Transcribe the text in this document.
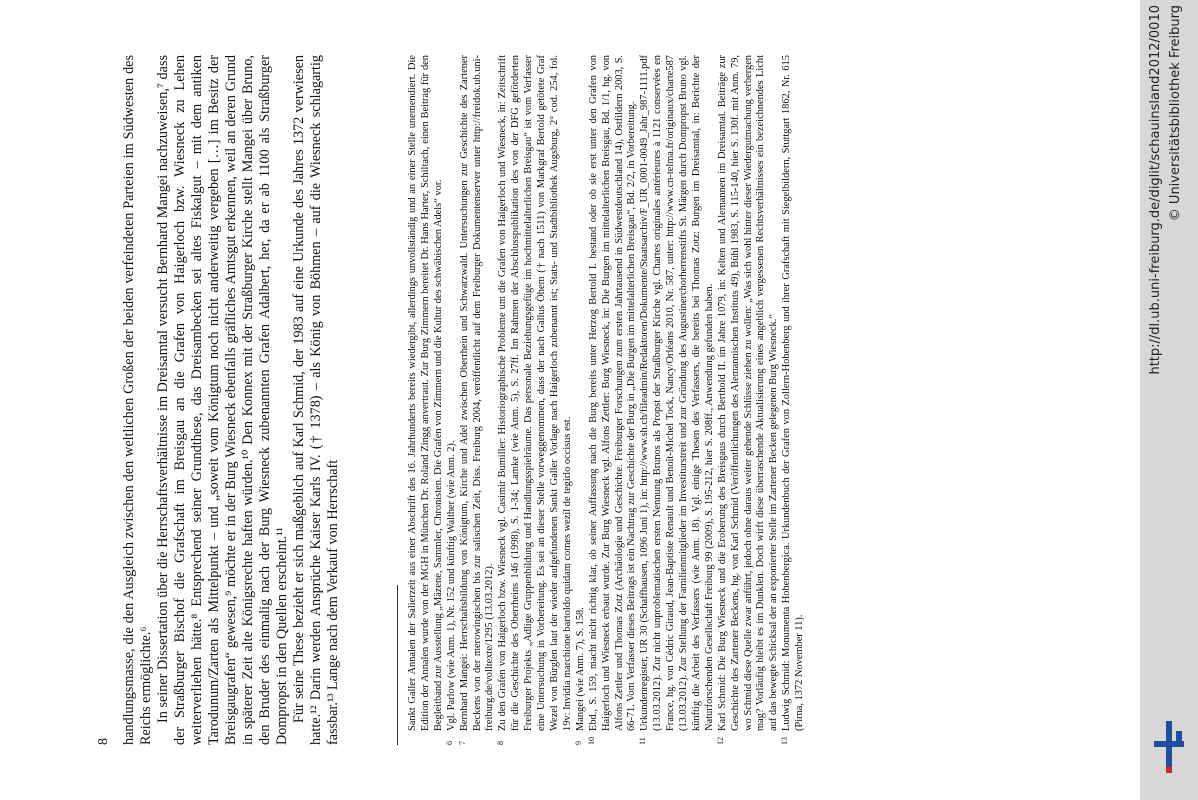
8 handlungsmasse, die den Ausgleich zwischen den weltlichen Großen der beiden verfeindeten Parteien im Südwesten des Reichs ermöglichte.⁶ In seiner Dissertation über die Herrschaftsverhältnisse im Dreisamtal versucht Bernhard Mangei nachzuweisen,⁷ dass der Straßburger Bischof die Grafschaft im Breisgau an die Grafen von Haigerloch bzw. Wiesneck zu Lehen weiterverliehen hätte.⁸ Entsprechend seiner Grundthese, das Dreisambecken sei altes Fiskalgut – mit dem antiken Tarodunum/Zarten als Mittelpunkt – und „soweit vom Königtum noch nicht anderweitig vergeben […] im Besitz der Breisgaugrafen“ gewesen,⁹ möchte er in der Burg Wiesneck ebenfalls gräfliches Amtsgut erkennen, weil an deren Grund in späterer Zeit alte Königsrechte haften würden.¹⁰ Den Konnex mit der Straßburger Kirche stellt Mangei über Bruno, den Bruder des einmalig nach der Burg Wiesneck zubenannten Grafen Adalbert, her, da er ab 1100 als Straßburger Dompropst in den Quellen erscheint.¹¹ Für seine These bezieht er sich maßgeblich auf Karl Schmid, der 1983 auf eine Urkunde des Jahres 1372 verwiesen hatte.¹² Darin werden Ansprüche Kaiser Karls IV. († 1378) – als König von Böhmen – auf die Wiesneck schlagartig fassbar.¹³ Lange nach dem Verkauf von Herrschaft	Sankt Galler Annalen der Salierzeit aus einer Abschrift des 16. Jahrhunderts bereits wiedergibt, allerdings unvollständig und an einer Stelle unemendiert. Die Edition der Annalen wurde von der MGH in München Dr. Roland Zingg anvertraut. Zur Burg Zimmern bereitet Dr. Hans Harter, Schiltach, einen Beitrag für den Begleitband zur Ausstellung „Mäzene, Sammler, Chronisten. Die Grafen von Zimmern und die Kultur des schwäbischen Adels“ vor.

6
Vgl. Parlow (wie Anm. 1), Nr. 152 und künftig Walther (wie Anm. 2).

7
Bernhard Mangei: Herrschaftsbildung von Königtum, Kirche und Adel zwischen Oberrhein und Schwarzwald. Untersuchungen zur Geschichte des Zartener Beckens von der merowingischen bis zur salischen Zeit, Diss. Freiburg 2004, veröffentlicht auf dem Freiburger Dokumentenserver unter http://freidok.ub.uni-freiburg.de/volltexte/1295 (13.03.2012).

8
Zu den Grafen von Haigerloch bzw. Wiesneck vgl. Casimir Bumiller: Historiographische Probleme um die Grafen von Haigerloch und Wiesneck, in: Zeitschrift für die Geschichte des Oberrheins 146 (1998), S. 1-34; Lamke (wie Anm. 5), S. 27ff. Im Rahmen der Abschlusspublikation des von der DFG geförderten Freiburger Projekts „Adlige Gruppenbildung und Handlungsspielräume. Das personale Beziehungsgefüge im hochmittelalterlichen Breisgau“ ist vom Verfasser eine Untersuchung in Vorbereitung. Es sei an dieser Stelle vorweggenommen, dass der nach Gallus Öhem († nach 1511) von Markgraf Bertold getötete Graf Wezel von Bürglen laut der wieder aufgefundenen Sankt Galler Vorlage nach Haigerloch zubenannt ist; Stats- und Stadtbibliothek Augsburg, 2° cod. 254, fol. 19v: Invidia marchione bartoldo quidam comes wezil de tegirlo occisus est.

9
Mangei (wie Anm. 7), S. 158.

10
Ebd., S. 159, macht nicht richtig klar, ob seiner Auffassung nach die Burg bereits unter Herzog Bertold I. bestand oder ob sie erst unter den Grafen von Haigerloch und Wiesneck erbaut wurde. Zur Burg Wiesneck vgl. Alfons Zettler: Burg Wiesneck, in: Die Burgen im mittelalterlichen Breisgau, Bd. 1/1, hg. von Alfons Zettler und Thomas Zotz (Archäologie und Geschichte. Freiburger Forschungen zum ersten Jahrtausend in Südwestdeutschland 14), Ostfildern 2003, S. 66-71. Vom Verfasser dieses Beitrags ist ein Nachtrag zur Geschichte der Burg in „Die Burgen im mittelalterlichen Breisgau“, Bd. 2/2, in Vorbereitung.

11
Urkundenregister, UR 30 (Schaffhausen, 1096 Juni 1), in: http://www.sh.ch/fileadmin/Redaktoren/Dokumente/Staatsarchiv/F_UR_0001-0049_Jahr_987-1111.pdf (13.03.2012). Zur nicht unproblematischen ersten Nennung Brunos als Propst der Straßburger Kirche vgl. Chartes originales antérieures à 1121 conservées en France, hg. von Cédric Giraud, Jean-Baptiste Renault und Benoît-Michel Tock, Nancy/Orléans 2010, Nr. 587, unter: http://www.cn-telma.fr/originaux/charte587 (13.03.2012). Zur Stellung der Familienmitglieder im Investiturstreit und zur Gründung des Augustinerchorherrenstifts St. Märgen durch Dompropst Bruno vgl. künftig die Arbeit des Verfassers (wie Anm. 18). Vgl. einige Thesen des Verfassers, die bereits bei Thomas Zotz: Burgen im Dreisamtal, in: Berichte der Naturforschenden Gesellschaft Freiburg 99 (2009), S. 195-212, hier S. 208ff., Anwendung gefunden haben.

12
Karl Schmid: Die Burg Wiesneck und die Eroberung des Breisgaus durch Berthold II. im Jahre 1079, in: Kelten und Alemannen im Dreisamtal. Beiträge zur Geschichte des Zartener Beckens, hg. von Karl Schmid (Veröffentlichungen des Alemannischen Instituts 49), Bühl 1983, S. 115-140, hier S. 130f. mit Anm. 79, wo Schmid diese Quelle zwar anführt, jedoch ohne daraus weiter gehende Schlüsse ziehen zu wollen: „Was sich wohl hinter dieser Wiedergutmachung verbergen mag? Vorläufig bleibt es im Dunklen. Doch wirft diese überraschende Aktualisierung eines angeblich vergessenen Rechtsverhältnisses ein bezeichnendes Licht auf das bewegte Schicksal der an exponierter Stelle im Zartener Becken gelegenen Burg Wiesneck.“

13
Ludwig Schmid: Monumenta Hohenbergica. Urkundenbuch der Grafen von Zollern-Hohenberg und ihrer Grafschaft mit Siegelbildern, Stuttgart 1862, Nr. 615 (Pirna, 1372 November 11).

http://dl.ub.uni-freiburg.de/diglit/schauinsland2012/0010 © Universitätsbibliothek Freiburg
